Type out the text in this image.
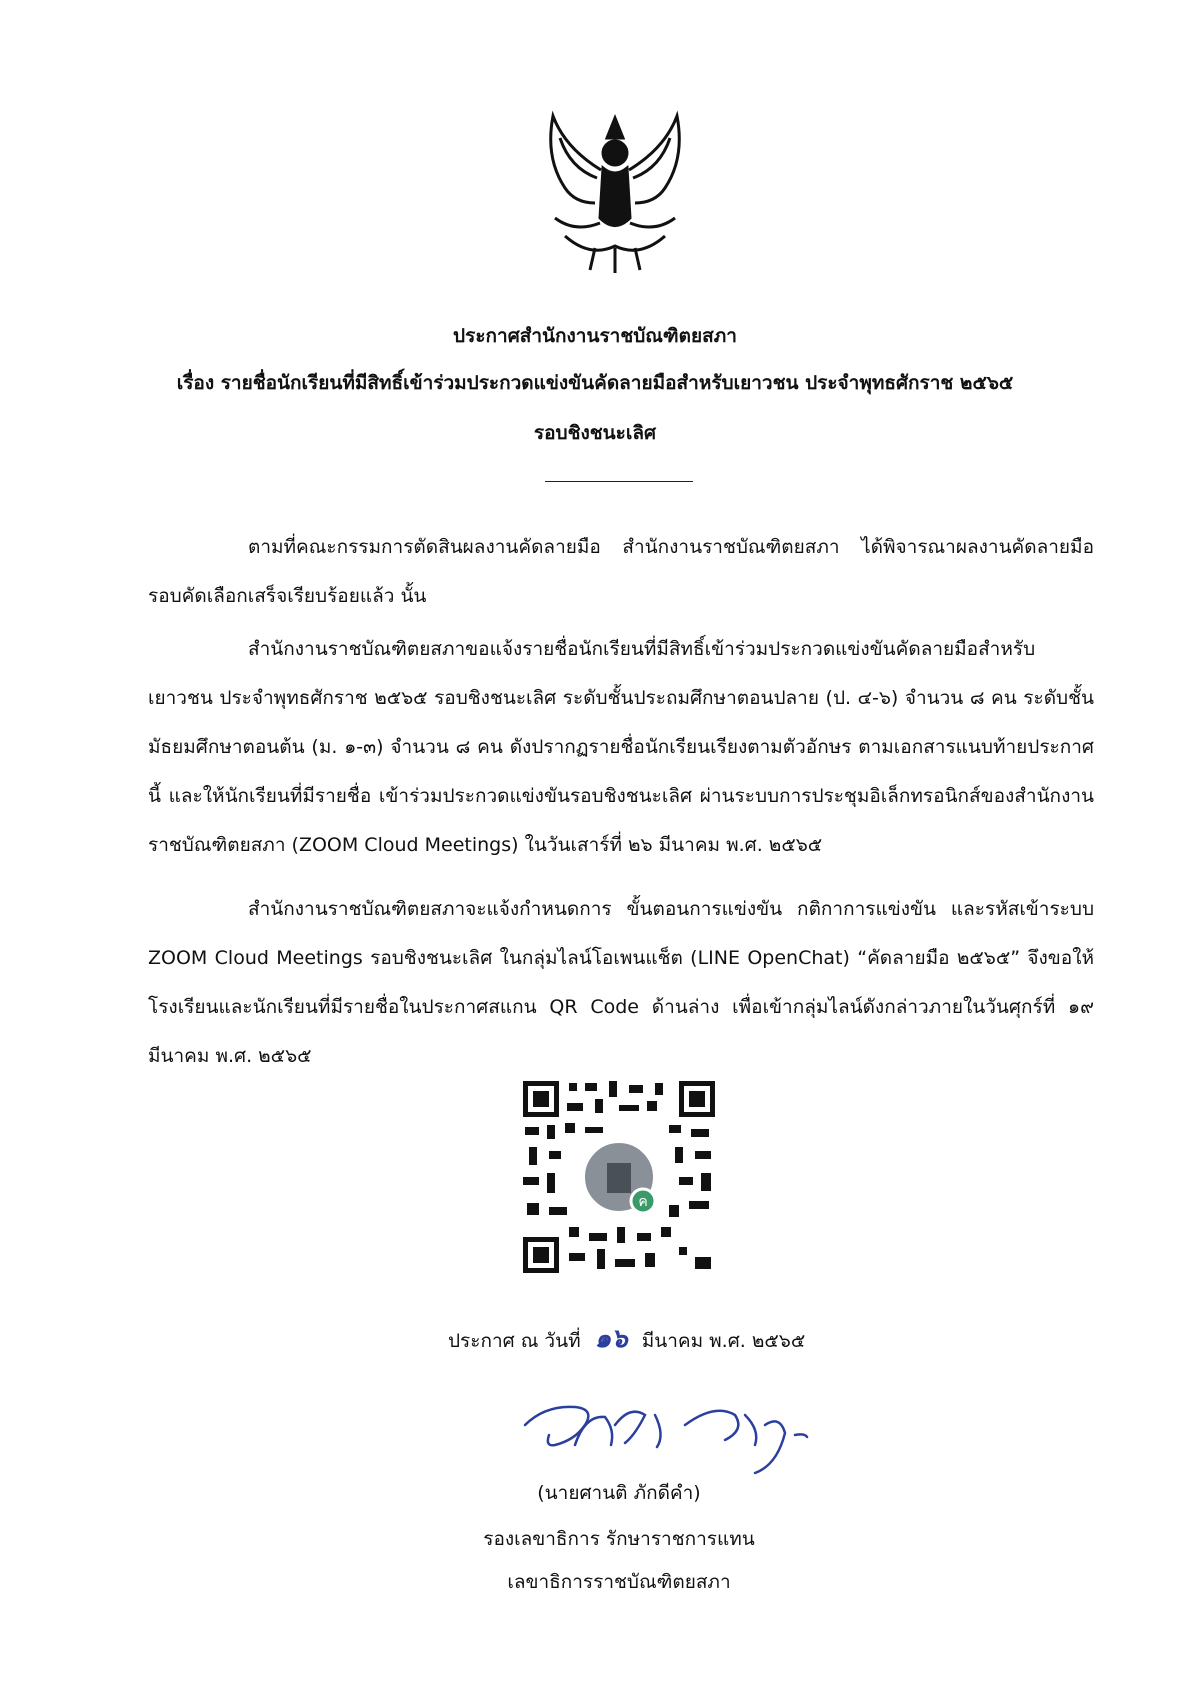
ประกาศสำนักงานราชบัณฑิตยสภา
เรื่อง รายชื่อนักเรียนที่มีสิทธิ์เข้าร่วมประกวดแข่งขันคัดลายมือสำหรับเยาวชน ประจำพุทธศักราช ๒๕๖๕
รอบชิงชนะเลิศ
ตามที่คณะกรรมการตัดสินผลงานคัดลายมือ สำนักงานราชบัณฑิตยสภา ได้พิจารณาผลงานคัดลายมือรอบคัดเลือกเสร็จเรียบร้อยแล้ว นั้น
สำนักงานราชบัณฑิตยสภาขอแจ้งรายชื่อนักเรียนที่มีสิทธิ์เข้าร่วมประกวดแข่งขันคัดลายมือสำหรับเยาวชน ประจำพุทธศักราช ๒๕๖๕ รอบชิงชนะเลิศ ระดับชั้นประถมศึกษาตอนปลาย (ป. ๔-๖) จำนวน ๘ คน ระดับชั้นมัธยมศึกษาตอนต้น (ม. ๑-๓) จำนวน ๘ คน ดังปรากฏรายชื่อนักเรียนเรียงตามตัวอักษร ตามเอกสารแนบท้ายประกาศนี้ และให้นักเรียนที่มีรายชื่อ เข้าร่วมประกวดแข่งขันรอบชิงชนะเลิศ ผ่านระบบการประชุมอิเล็กทรอนิกส์ของสำนักงานราชบัณฑิตยสภา (ZOOM Cloud Meetings) ในวันเสาร์ที่ ๒๖ มีนาคม พ.ศ. ๒๕๖๕
สำนักงานราชบัณฑิตยสภาจะแจ้งกำหนดการ ขั้นตอนการแข่งขัน กติกาการแข่งขัน และรหัสเข้าระบบ ZOOM Cloud Meetings รอบชิงชนะเลิศ ในกลุ่มไลน์โอเพนแช็ต (LINE OpenChat) “คัดลายมือ ๒๕๖๕” จึงขอให้โรงเรียนและนักเรียนที่มีรายชื่อในประกาศสแกน QR Code ด้านล่าง เพื่อเข้ากลุ่มไลน์ดังกล่าวภายในวันศุกร์ที่ ๑๙ มีนาคม พ.ศ. ๒๕๖๕
ค
ประกาศ ณ วันที่ ๑๖ มีนาคม พ.ศ. ๒๕๖๕
(นายศานติ ภักดีคำ)
รองเลขาธิการ รักษาราชการแทน
เลขาธิการราชบัณฑิตยสภา
